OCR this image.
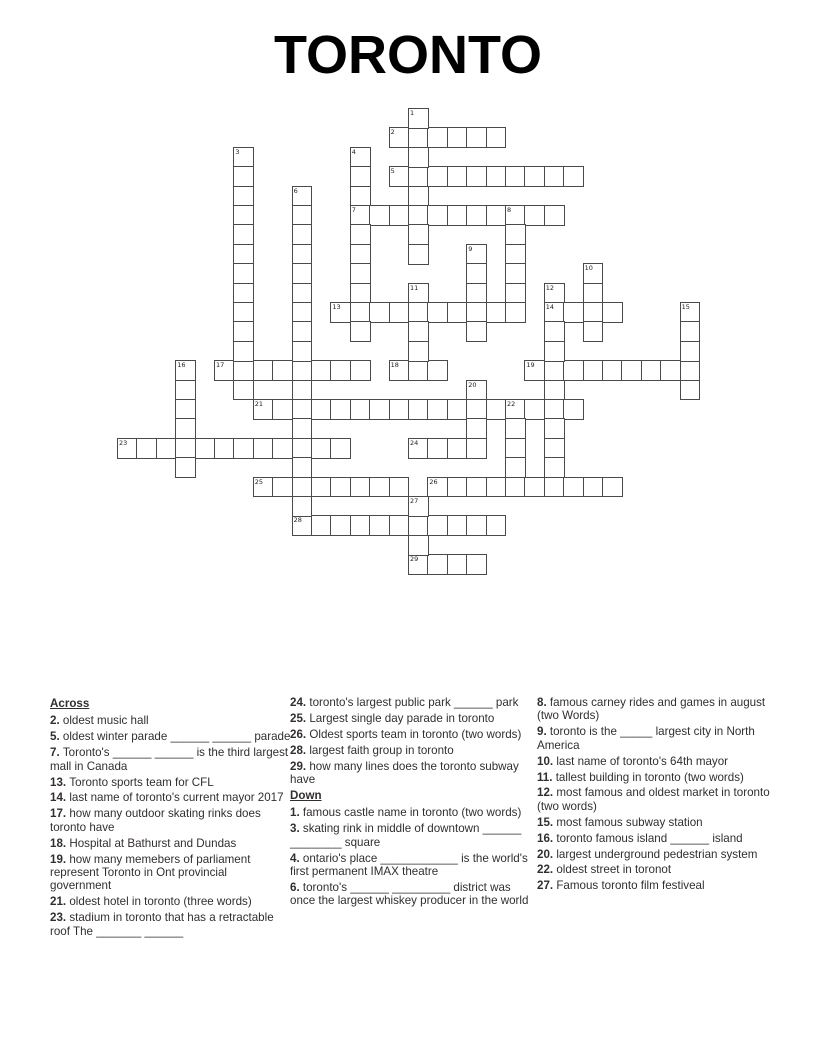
TORONTO
2
5
7	8
13	14
17	18	19
21	22
23	24
25	26
28
29
1
3	4
6
9
10
11	12
15
16
20
27
Across
2. oldest music hall
5. oldest winter parade ______ ______ parade
7. Toronto's ______ ______ is the third largest mall in Canada
13. Toronto sports team for CFL
14. last name of toronto's current mayor 2017
17. how many outdoor skating rinks does toronto have
18. Hospital at Bathurst and Dundas
19. how many memebers of parliament represent Toronto in Ont provincial government
21. oldest hotel in toronto (three words)
23. stadium in toronto that has a retractable roof The _______ ______
24. toronto's largest public park ______ park
25. Largest single day parade in toronto
26. Oldest sports team in toronto (two words)
28. largest faith group in toronto
29. how many lines does the toronto subway have
Down
1. famous castle name in toronto (two words)
3. skating rink in middle of downtown ______ ________ square
4. ontario's place ____________ is the world's first permanent IMAX theatre
6. toronto's ______ _________ district was once the largest whiskey producer in the world
8. famous carney rides and games in august (two Words)
9. toronto is the _____ largest city in North America
10. last name of toronto's 64th mayor
11. tallest building in toronto (two words)
12. most famous and oldest market in toronto (two words)
15. most famous subway station
16. toronto famous island ______ island
20. largest underground pedestrian system
22. oldest street in toronot
27. Famous toronto film festiveal
